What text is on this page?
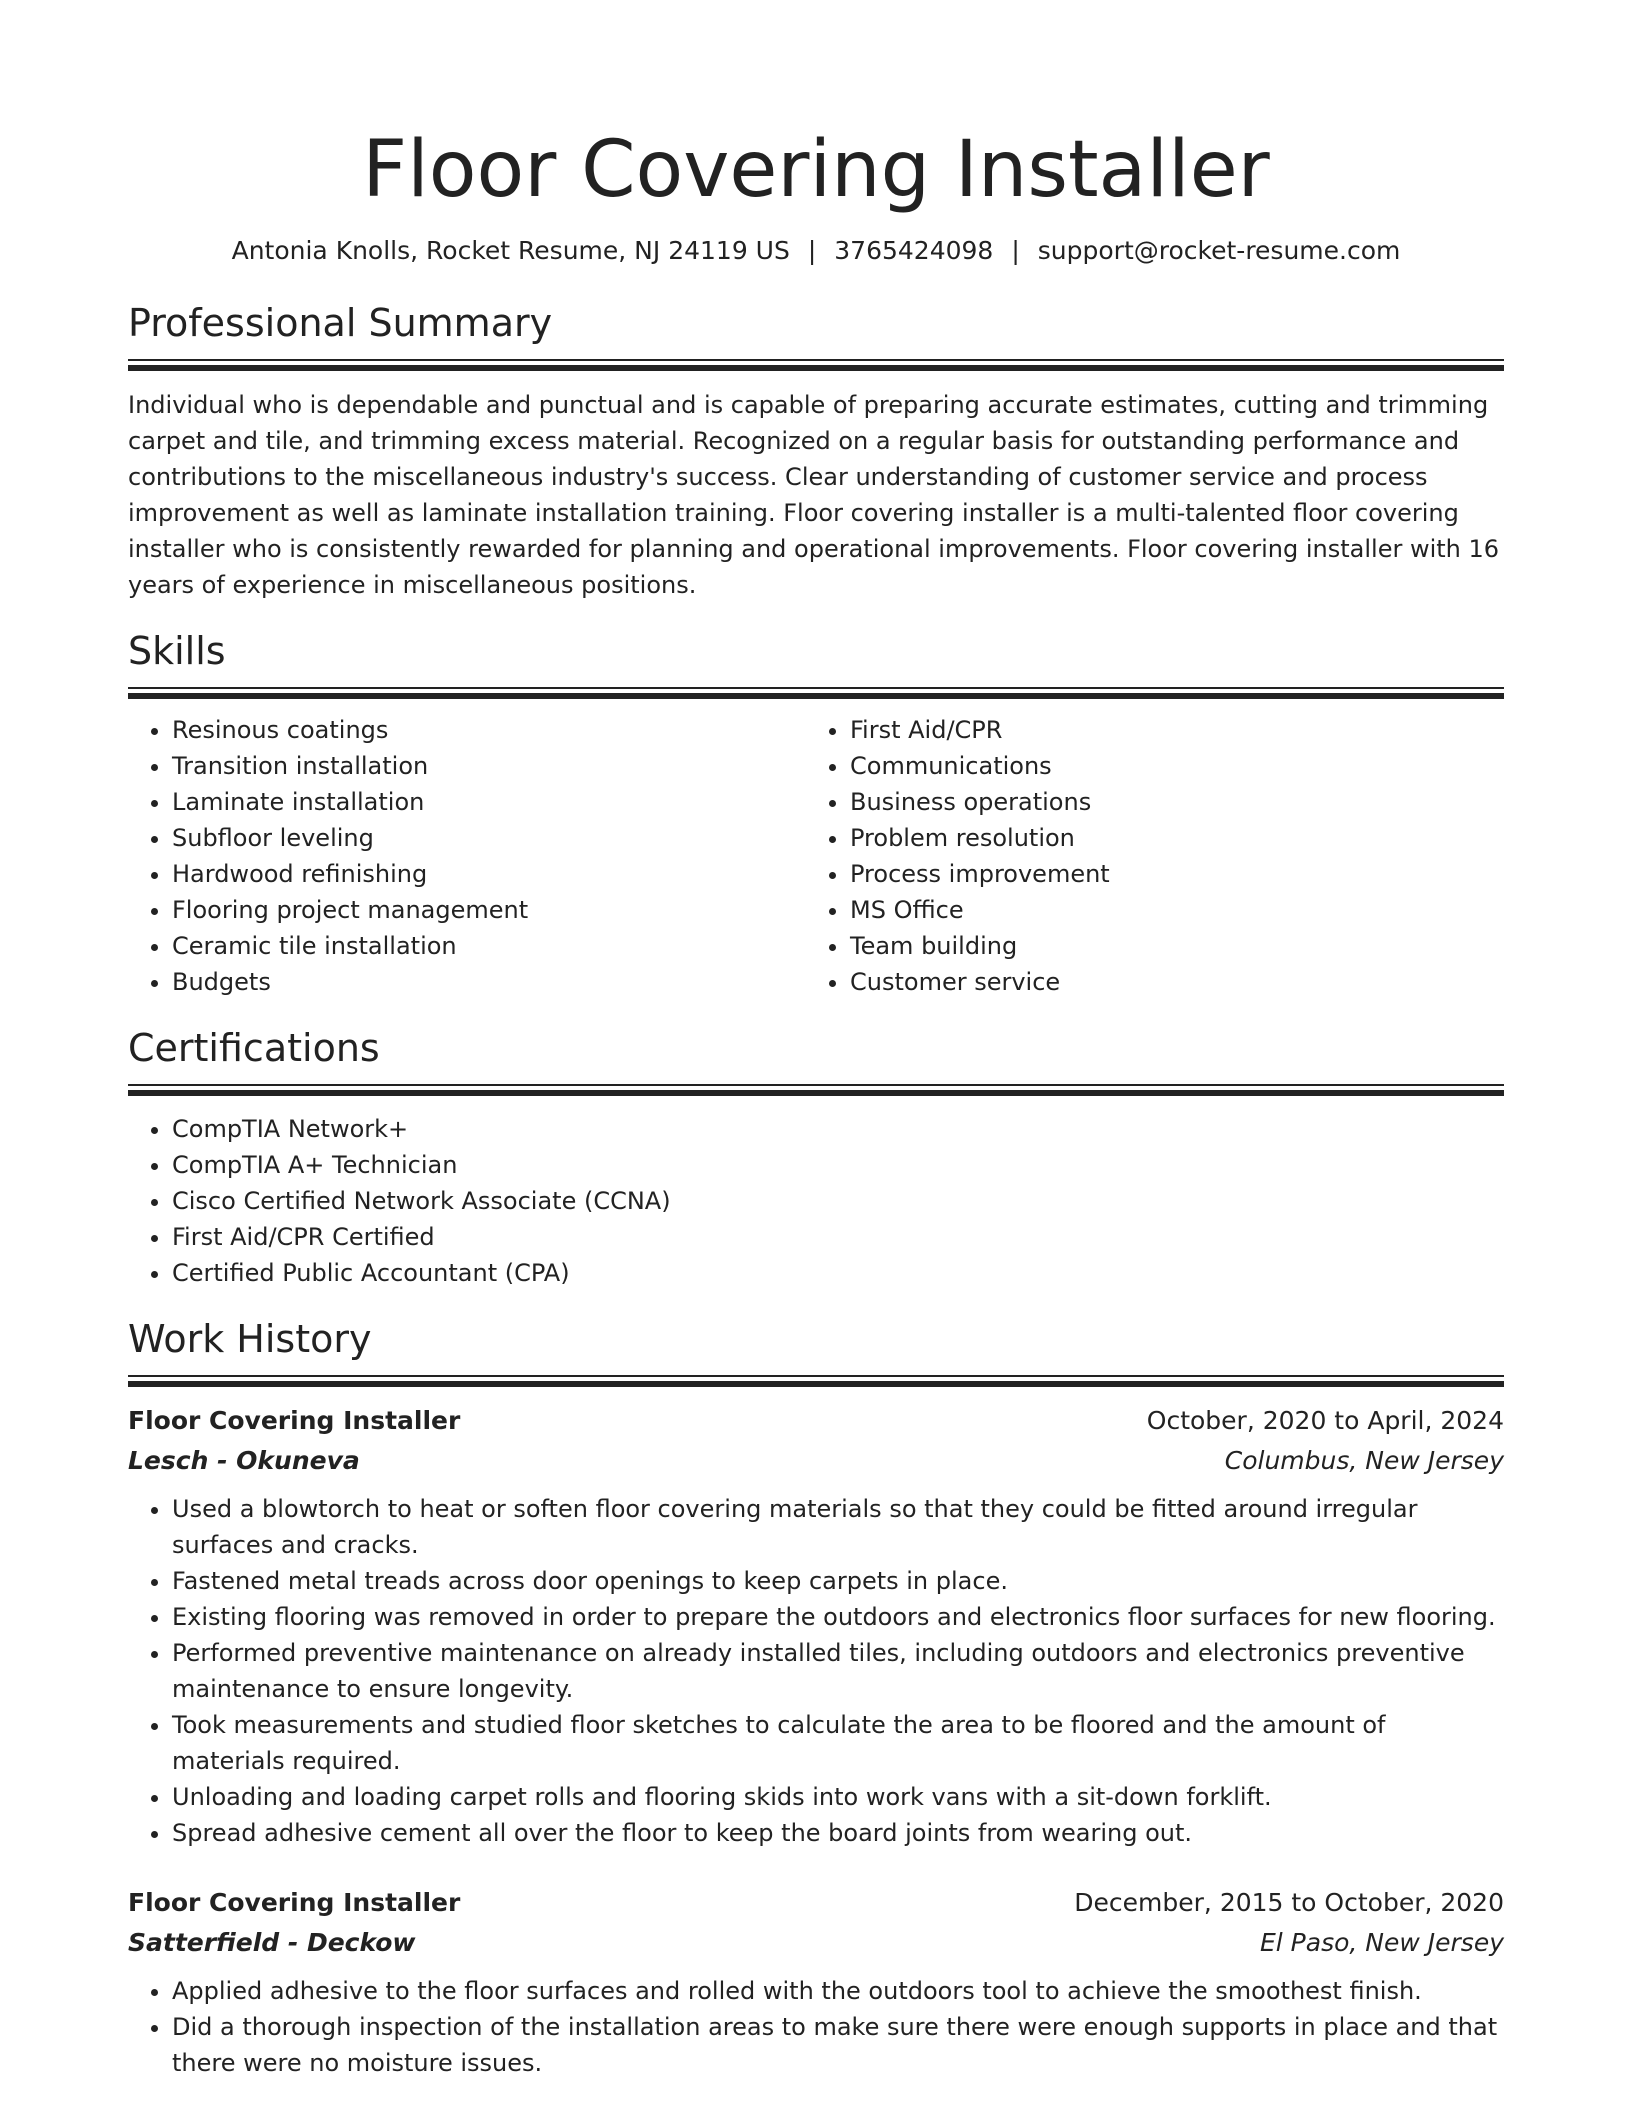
Floor Covering Installer
Antonia Knolls, Rocket Resume, NJ 24119 US | 3765424098 | support@rocket-resume.com
Professional Summary
Individual who is dependable and punctual and is capable of preparing accurate estimates, cutting and trimming carpet and tile, and trimming excess material. Recognized on a regular basis for outstanding performance and contributions to the miscellaneous industry's success. Clear understanding of customer service and process improvement as well as laminate installation training. Floor covering installer is a multi-talented floor covering installer who is consistently rewarded for planning and operational improvements. Floor covering installer with 16 years of experience in miscellaneous positions.
Skills
• Resinous coatings
• Transition installation
• Laminate installation
• Subfloor leveling
• Hardwood refinishing
• Flooring project management
• Ceramic tile installation
• Budgets
• First Aid/CPR
• Communications
• Business operations
• Problem resolution
• Process improvement
• MS Office
• Team building
• Customer service
Certifications
• CompTIA Network+
• CompTIA A+ Technician
• Cisco Certified Network Associate (CCNA)
• First Aid/CPR Certified
• Certified Public Accountant (CPA)
Work History
Floor Covering Installer	October, 2020 to April, 2024
Lesch - Okuneva	Columbus, New Jersey
• Used a blowtorch to heat or soften floor covering materials so that they could be fitted around irregular surfaces and cracks.
• Fastened metal treads across door openings to keep carpets in place.
• Existing flooring was removed in order to prepare the outdoors and electronics floor surfaces for new flooring.
• Performed preventive maintenance on already installed tiles, including outdoors and electronics preventive maintenance to ensure longevity.
• Took measurements and studied floor sketches to calculate the area to be floored and the amount of materials required.
• Unloading and loading carpet rolls and flooring skids into work vans with a sit-down forklift.
• Spread adhesive cement all over the floor to keep the board joints from wearing out.
Floor Covering Installer	December, 2015 to October, 2020
Satterfield - Deckow	El Paso, New Jersey
• Applied adhesive to the floor surfaces and rolled with the outdoors tool to achieve the smoothest finish.
• Did a thorough inspection of the installation areas to make sure there were enough supports in place and that there were no moisture issues.
